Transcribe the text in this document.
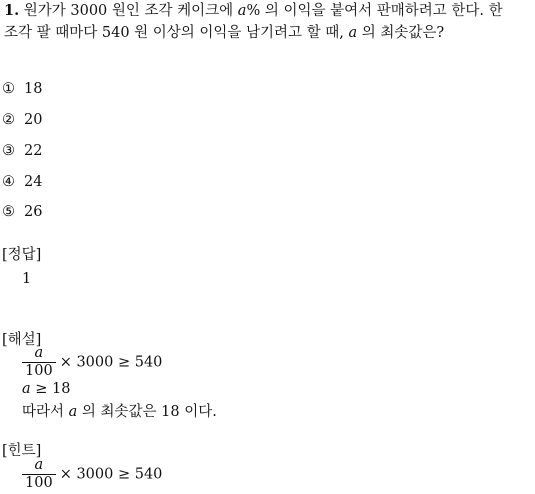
1. 원가가 3000 원인 조각 케이크에 a% 의 이익을 붙여서 판매하려고 한다. 한
조각 팔 때마다 540 원 이상의 이익을 남기려고 할 때, a 의 최솟값은?
① 18
② 20
③ 22
④ 24
⑤ 26
[정답]
1
[해설]
$\frac{a}{100} \times 3000 \ge 540$
a ≥ 18
따라서 a 의 최솟값은 18 이다.
[힌트]
$\frac{a}{100} \times 3000 \ge 540$
